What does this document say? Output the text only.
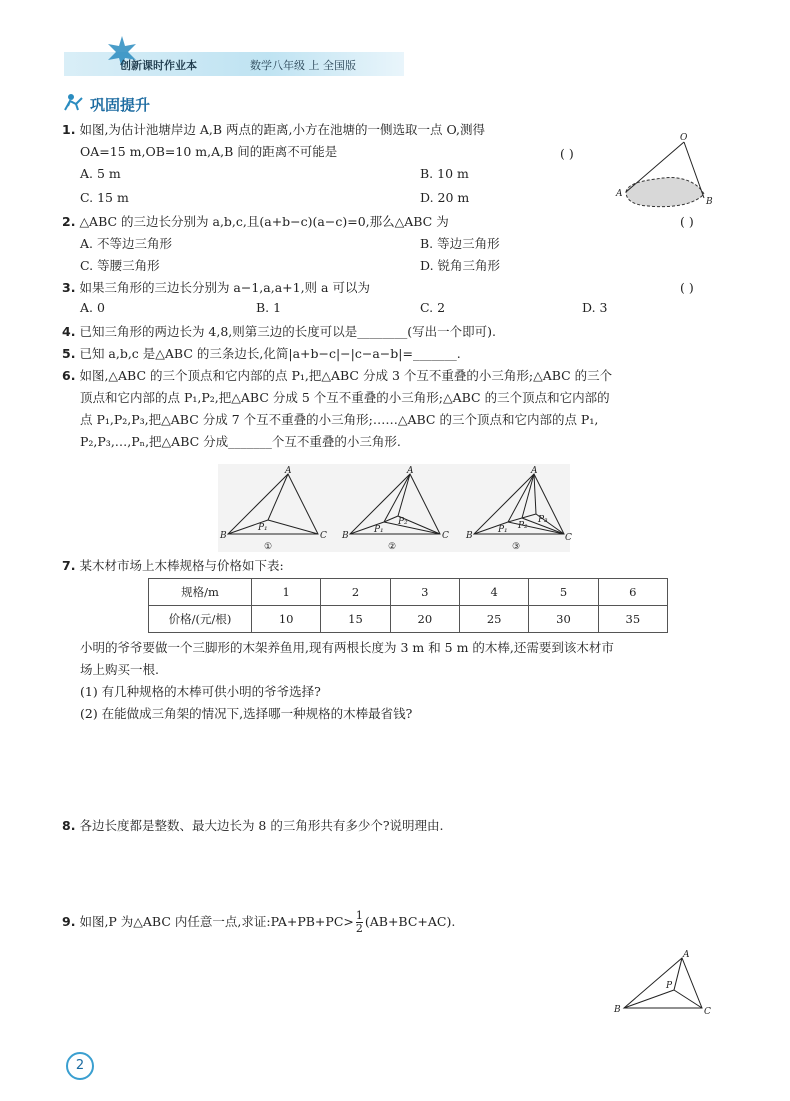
创新课时作业本	数学八年级 上 全国版
巩固提升
1. 如图,为估计池塘岸边 A,B 两点的距离,小方在池塘的一侧选取一点 O,测得
OA=15 m,OB=10 m,A,B 间的距离不可能是	( )
A. 5 m	B. 10 m
C. 15 m	D. 20 m
O
A
B
2. △ABC 的三边长分别为 a,b,c,且(a+b−c)(a−c)=0,那么△ABC 为	( )
A. 不等边三角形	B. 等边三角形
C. 等腰三角形	D. 锐角三角形
3. 如果三角形的三边长分别为 a−1,a,a+1,则 a 可以为	( )
A. 0	B. 1	C. 2	D. 3
4. 已知三角形的两边长为 4,8,则第三边的长度可以是________(写出一个即可).
5. 已知 a,b,c 是△ABC 的三条边长,化简|a+b−c|−|c−a−b|=_______.
6. 如图,△ABC 的三个顶点和它内部的点 P₁,把△ABC 分成 3 个互不重叠的小三角形;△ABC 的三个
顶点和它内部的点 P₁,P₂,把△ABC 分成 5 个互不重叠的小三角形;△ABC 的三个顶点和它内部的
点 P₁,P₂,P₃,把△ABC 分成 7 个互不重叠的小三角形;……△ABC 的三个顶点和它内部的点 P₁,
P₂,P₃,…,Pₙ,把△ABC 分成_______个互不重叠的小三角形.
A
B	C
P₁
①
A
B	C
P₁
P₂
②
A
B	C
P₁ P₂
P₃
③
7. 某木材市场上木棒规格与价格如下表:
规格/m	1	2	3	4	5	6
价格/(元/根)	10	15	20	25	30	35
小明的爷爷要做一个三脚形的木架养鱼用,现有两根长度为 3 m 和 5 m 的木棒,还需要到该木材市
场上购买一根.
(1) 有几种规格的木棒可供小明的爷爷选择?
(2) 在能做成三角架的情况下,选择哪一种规格的木棒最省钱?
8. 各边长度都是整数、最大边长为 8 的三角形共有多少个?说明理由.
9. 如图,P 为△ABC 内任意一点,求证:PA+PB+PC> $\frac{1}{2} (AB+BC+AC)$.
A
P
B	C
2
